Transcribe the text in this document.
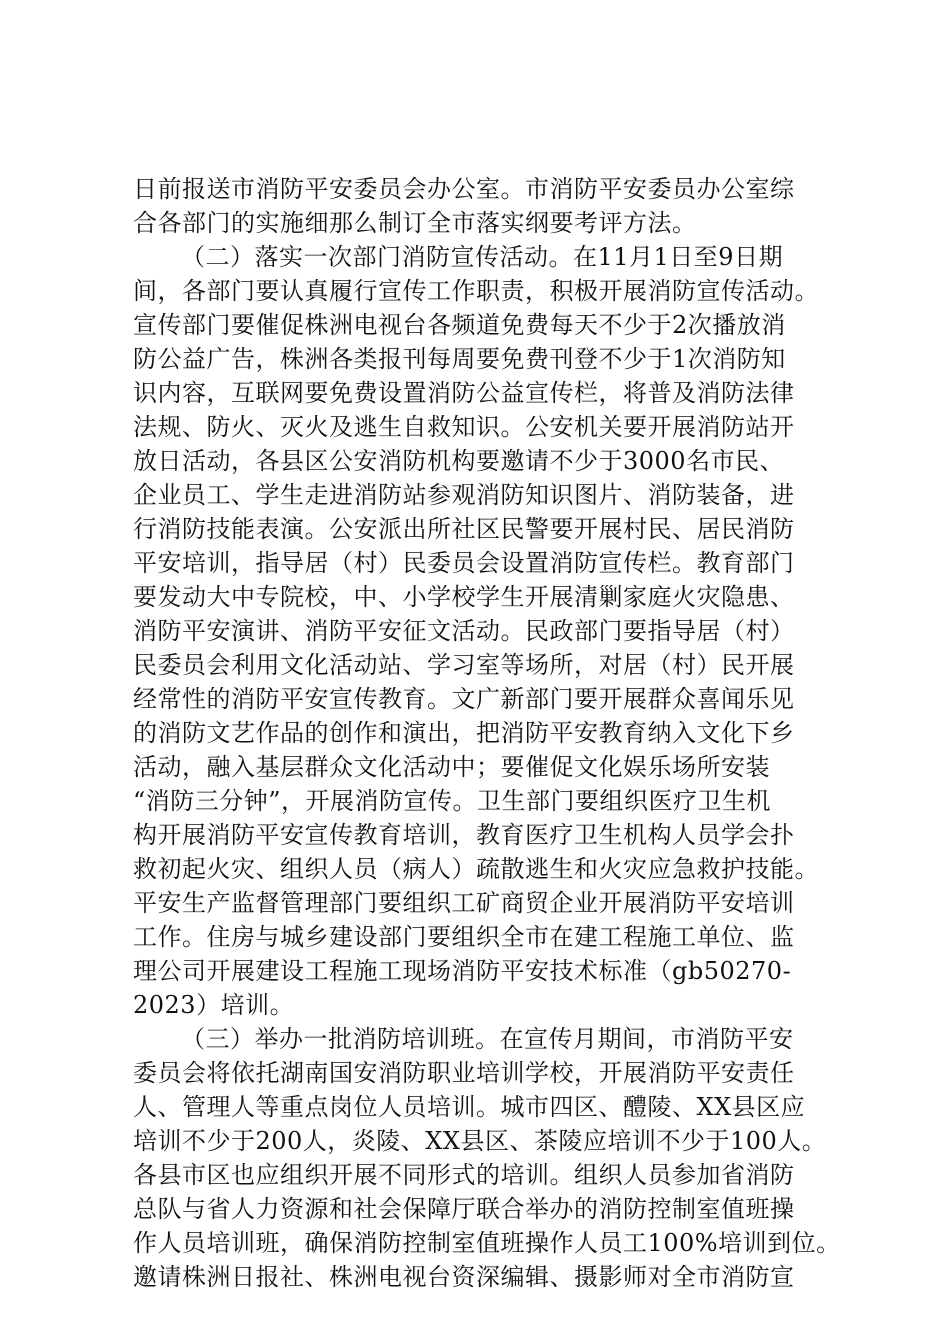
日前报送市消防平安委员会办公室。市消防平安委员办公室综
合各部门的实施细那么制订全市落实纲要考评方法。
（二）落实一次部门消防宣传活动。在11月1日至9日期
间，各部门要认真履行宣传工作职责，积极开展消防宣传活动。
宣传部门要催促株洲电视台各频道免费每天不少于2次播放消
防公益广告，株洲各类报刊每周要免费刊登不少于1次消防知
识内容，互联网要免费设置消防公益宣传栏，将普及消防法律
法规、防火、灭火及逃生自救知识。公安机关要开展消防站开
放日活动，各县区公安消防机构要邀请不少于3000名市民、
企业员工、学生走进消防站参观消防知识图片、消防装备，进
行消防技能表演。公安派出所社区民警要开展村民、居民消防
平安培训，指导居（村）民委员会设置消防宣传栏。教育部门
要发动大中专院校，中、小学校学生开展清剿家庭火灾隐患、
消防平安演讲、消防平安征文活动。民政部门要指导居（村）
民委员会利用文化活动站、学习室等场所，对居（村）民开展
经常性的消防平安宣传教育。文广新部门要开展群众喜闻乐见
的消防文艺作品的创作和演出，把消防平安教育纳入文化下乡
活动，融入基层群众文化活动中；要催促文化娱乐场所安装
“消防三分钟”，开展消防宣传。卫生部门要组织医疗卫生机
构开展消防平安宣传教育培训，教育医疗卫生机构人员学会扑
救初起火灾、组织人员（病人）疏散逃生和火灾应急救护技能。
平安生产监督管理部门要组织工矿商贸企业开展消防平安培训
工作。住房与城乡建设部门要组织全市在建工程施工单位、监
理公司开展建设工程施工现场消防平安技术标准（gb50270-
2023）培训。
（三）举办一批消防培训班。在宣传月期间，市消防平安
委员会将依托湖南国安消防职业培训学校，开展消防平安责任
人、管理人等重点岗位人员培训。城市四区、醴陵、XX县区应
培训不少于200人，炎陵、XX县区、茶陵应培训不少于100人。
各县市区也应组织开展不同形式的培训。组织人员参加省消防
总队与省人力资源和社会保障厅联合举办的消防控制室值班操
作人员培训班，确保消防控制室值班操作人员工100%培训到位。
邀请株洲日报社、株洲电视台资深编辑、摄影师对全市消防宣
